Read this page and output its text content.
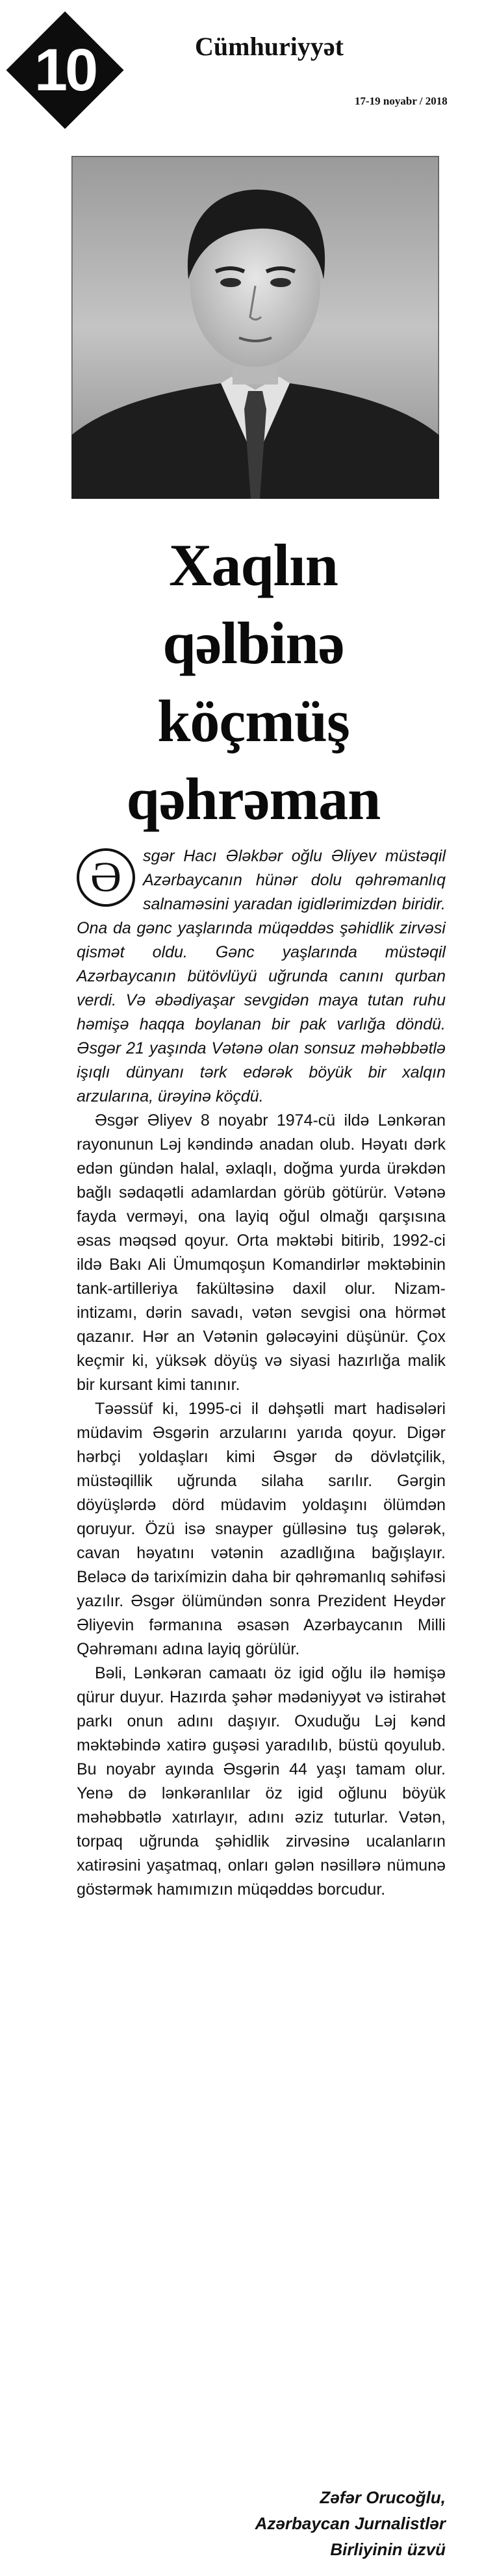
10	Cümhuriyyət
17-19 noyabr / 2018
Xaqlın
qəlbinə
köçmüş
qəhrəman
Ə	sgər Hacı Ələkbər oğlu Əliyev müstəqil Azərbaycanın hünər dolu qəhrəmanlıq salnaməsini yaradan igidlərimizdən biridir. Ona da gənc yaşlarında müqəddəs şəhidlik zirvəsi qismət oldu. Gənc yaşlarında müstəqil Azərbaycanın bütövlüyü uğrunda canını qurban verdi. Və əbədiyaşar sevgidən maya tutan ruhu həmişə haqqa boylanan bir pak varlığa döndü. Əsgər 21 yaşında Vətənə olan sonsuz məhəbbətlə işıqlı dünyanı tərk edərək böyük bir xalqın arzularına, ürəyinə köçdü.

Əsgər Əliyev 8 noyabr 1974-cü ildə Lənkəran rayonunun Ləj kəndində anadan olub. Həyatı dərk edən gündən halal, əxlaqlı, doğma yurda ürəkdən bağlı sədaqətli adamlardan görüb götürür. Vətənə fayda verməyi, ona layiq oğul olmağı qarşısına əsas məqsəd qoyur. Orta məktəbi bitirib, 1992-ci ildə Bakı Ali Ümumqoşun Komandirlər məktəbinin tank-artilleriya fakültəsinə daxil olur. Nizam-intizamı, dərin savadı, vətən sevgisi ona hörmət qazanır. Hər an Vətənin gələcəyini düşünür. Çox keçmir ki, yüksək döyüş və siyasi hazırlığa malik bir kursant kimi tanınır.

Təəssüf ki, 1995-ci il dəhşətli mart hadisələri müdavim Əsgərin arzularını yarıda qoyur. Digər hərbçi yoldaşları kimi Əsgər də dövlətçilik, müstəqillik uğrunda silaha sarılır. Gərgin döyüşlərdə dörd müdavim yoldaşını ölümdən qoruyur. Özü isə snayper gülləsinə tuş gələrək, cavan həyatını vətənin azadlığına bağışlayır. Beləcə də tarixímizin daha bir qəhrəmanlıq səhifəsi yazılır. Əsgər ölümündən sonra Prezident Heydər Əliyevin fərmanına əsasən Azərbaycanın Milli Qəhrəmanı adına layiq görülür.

Bəli, Lənkəran camaatı öz igid oğlu ilə həmişə qürur duyur. Hazırda şəhər mədəniyyət və istirahət parkı onun adını daşıyır. Oxuduğu Ləj kənd məktəbində xatirə guşəsi yaradılıb, büstü qoyulub. Bu noyabr ayında Əsgərin 44 yaşı tamam olur. Yenə də lənkəranlılar öz igid oğlunu böyük məhəbbətlə xatırlayır, adını əziz tuturlar. Vətən, torpaq uğrunda şəhidlik zirvəsinə ucalanların xatirəsini yaşatmaq, onları gələn nəsillərə nümunə göstərmək hamımızın müqəddəs borcudur.

Zəfər Orucoğlu,
Azərbaycan Jurnalistlər
Birliyinin üzvü
